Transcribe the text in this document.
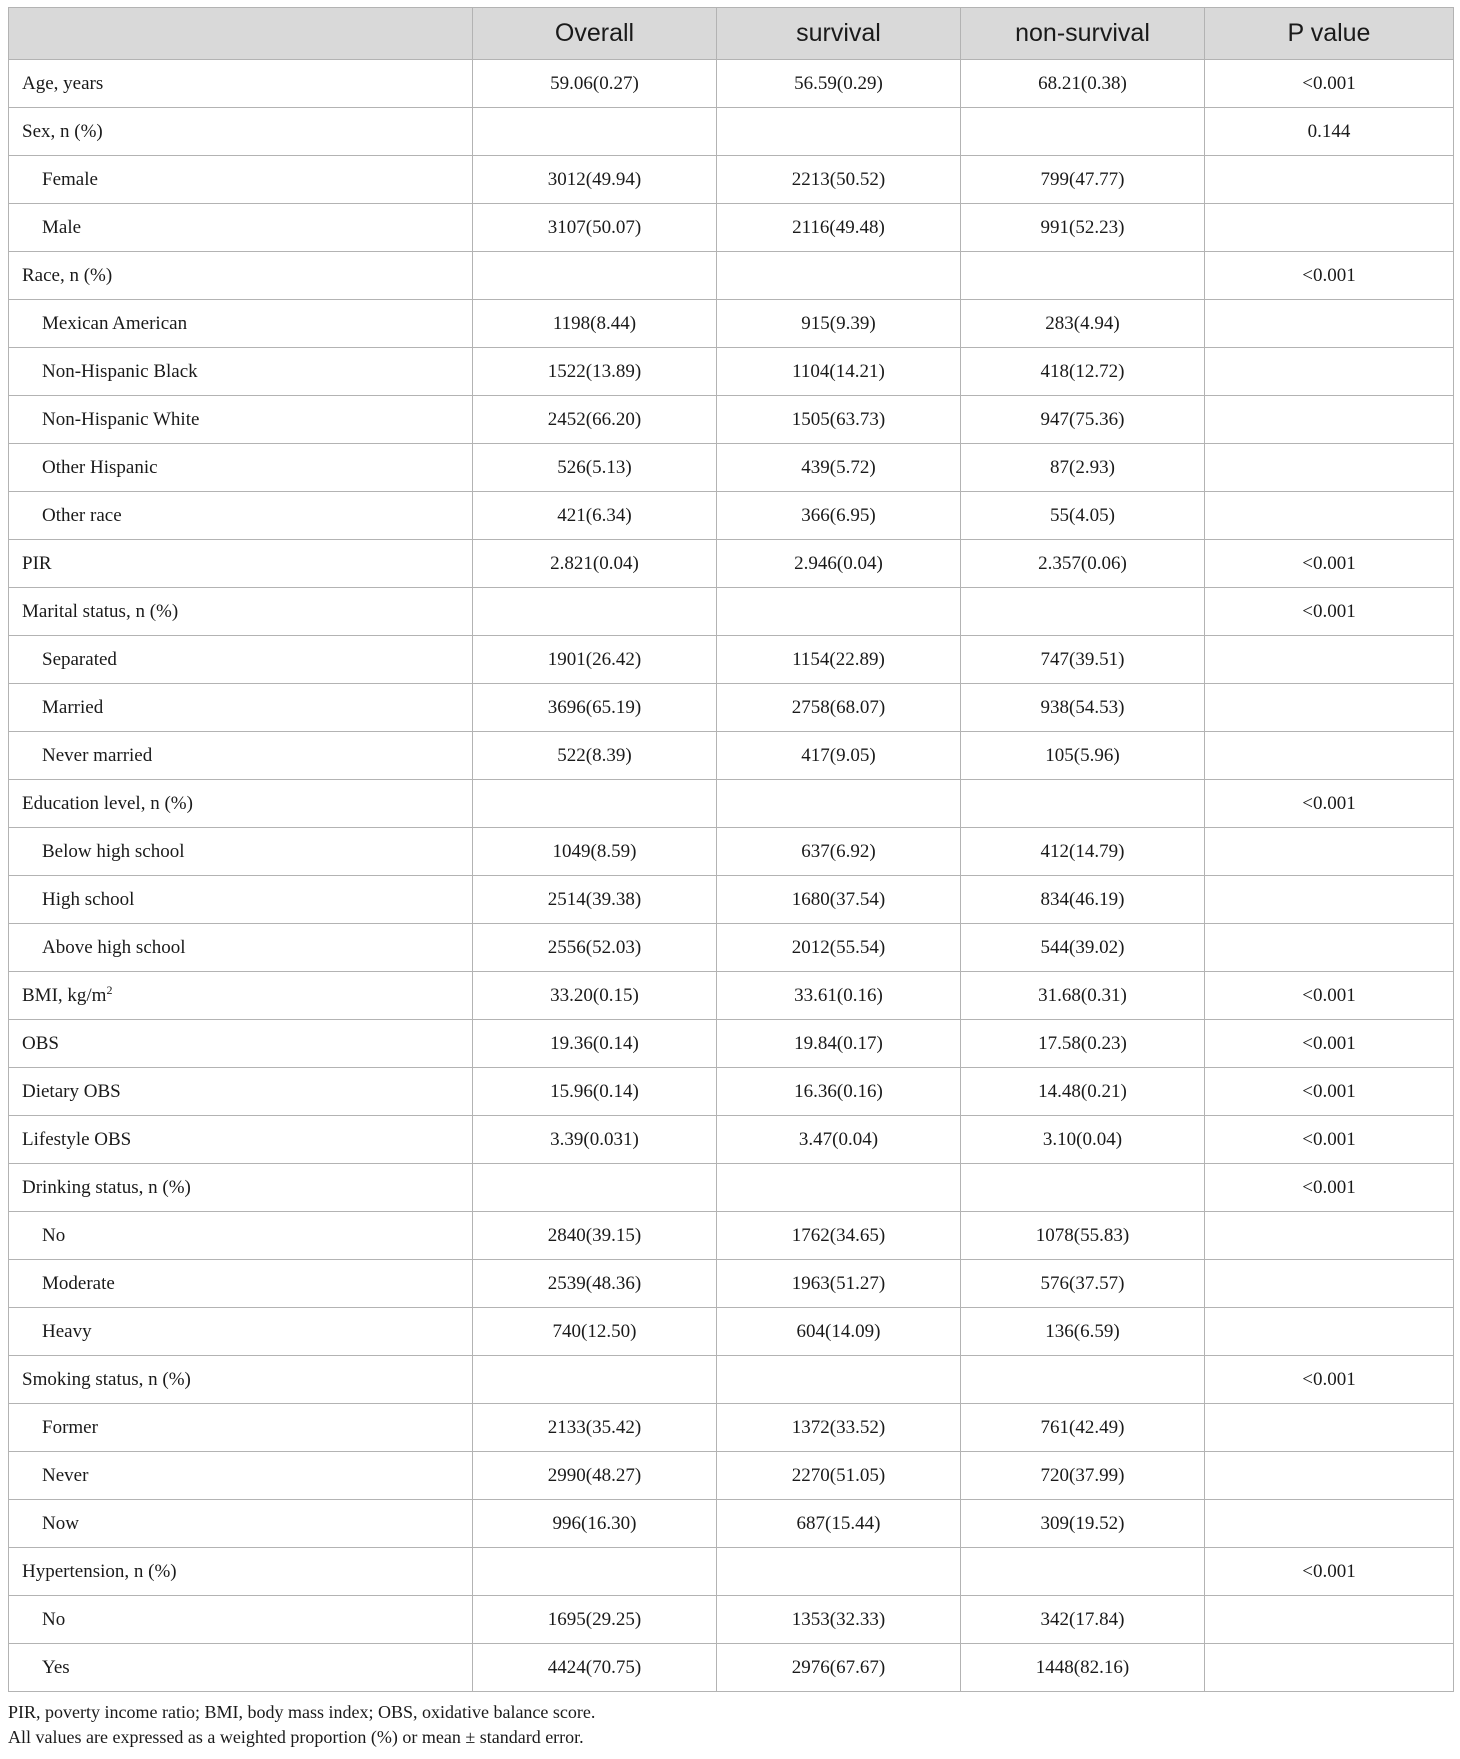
	Overall	survival	non-survival	P value
Age, years	59.06(0.27)	56.59(0.29)	68.21(0.38)	<0.001
Sex, n (%)				0.144
Female	3012(49.94)	2213(50.52)	799(47.77)	
Male	3107(50.07)	2116(49.48)	991(52.23)	
Race, n (%)				<0.001
Mexican American	1198(8.44)	915(9.39)	283(4.94)	
Non-Hispanic Black	1522(13.89)	1104(14.21)	418(12.72)	
Non-Hispanic White	2452(66.20)	1505(63.73)	947(75.36)	
Other Hispanic	526(5.13)	439(5.72)	87(2.93)	
Other race	421(6.34)	366(6.95)	55(4.05)	
PIR	2.821(0.04)	2.946(0.04)	2.357(0.06)	<0.001
Marital status, n (%)				<0.001
Separated	1901(26.42)	1154(22.89)	747(39.51)	
Married	3696(65.19)	2758(68.07)	938(54.53)	
Never married	522(8.39)	417(9.05)	105(5.96)	
Education level, n (%)				<0.001
Below high school	1049(8.59)	637(6.92)	412(14.79)	
High school	2514(39.38)	1680(37.54)	834(46.19)	
Above high school	2556(52.03)	2012(55.54)	544(39.02)	
BMI, $kg/m^2$	33.20(0.15)	33.61(0.16)	31.68(0.31)	<0.001
OBS	19.36(0.14)	19.84(0.17)	17.58(0.23)	<0.001
Dietary OBS	15.96(0.14)	16.36(0.16)	14.48(0.21)	<0.001
Lifestyle OBS	3.39(0.031)	3.47(0.04)	3.10(0.04)	<0.001
Drinking status, n (%)				<0.001
No	2840(39.15)	1762(34.65)	1078(55.83)	
Moderate	2539(48.36)	1963(51.27)	576(37.57)	
Heavy	740(12.50)	604(14.09)	136(6.59)	
Smoking status, n (%)				<0.001
Former	2133(35.42)	1372(33.52)	761(42.49)	
Never	2990(48.27)	2270(51.05)	720(37.99)	
Now	996(16.30)	687(15.44)	309(19.52)	
Hypertension, n (%)				<0.001
No	1695(29.25)	1353(32.33)	342(17.84)	
Yes	4424(70.75)	2976(67.67)	1448(82.16)	
PIR, poverty income ratio; BMI, body mass index; OBS, oxidative balance score.
All values are expressed as a weighted proportion (%) or mean ± standard error.
